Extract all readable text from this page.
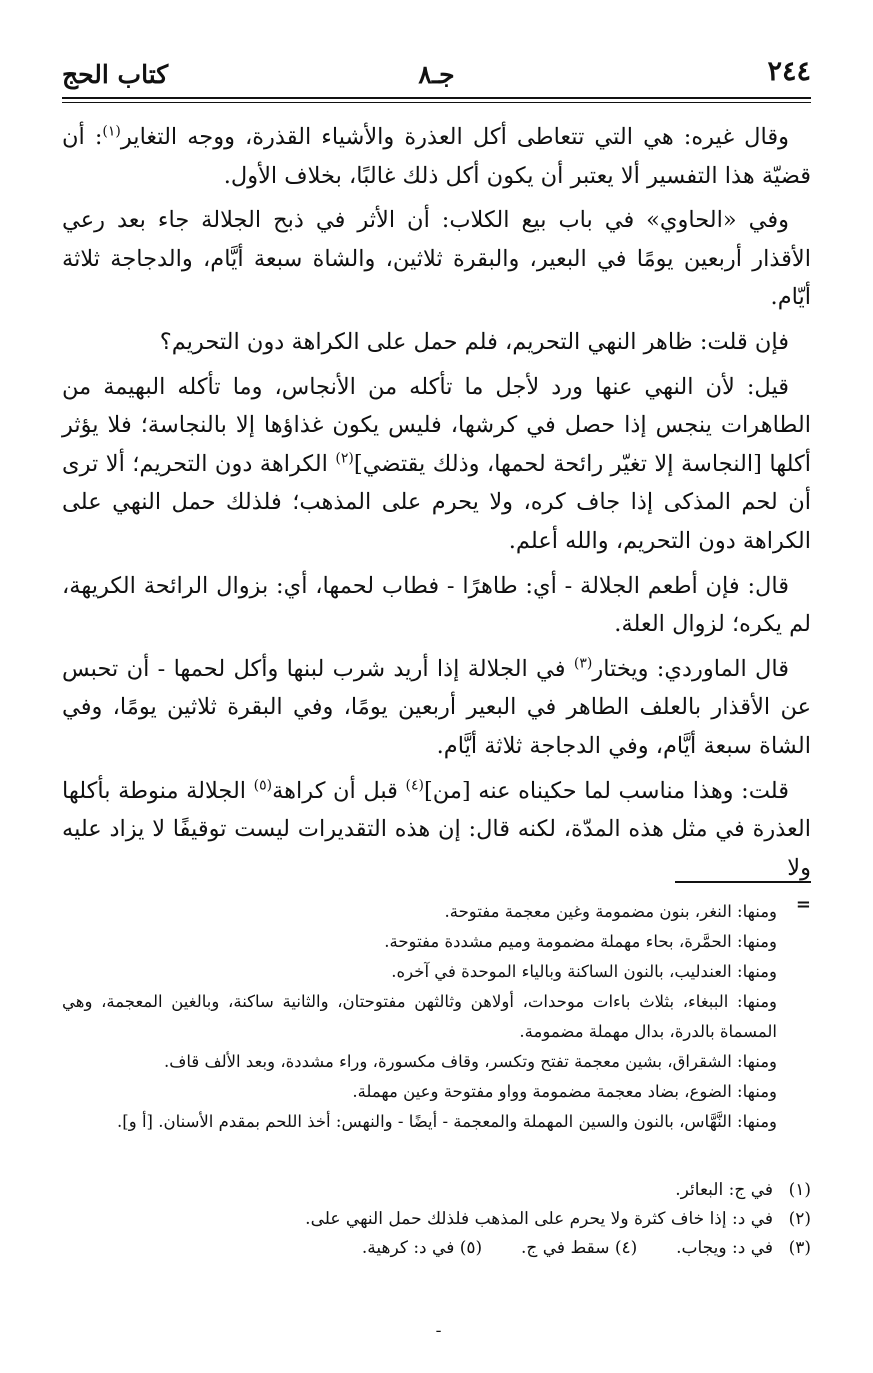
٢٤٤
جـ٨
كتاب الحج

وقال غيره: هي التي تتعاطى أكل العذرة والأشياء القذرة، ووجه التغاير$^{(١)}$: أن قضيّة هذا التفسير ألا يعتبر أن يكون أكل ذلك غالبًا، بخلاف الأول.

وفي «الحاوي» في باب بيع الكلاب: أن الأثر في ذبح الجلالة جاء بعد رعي الأقذار أربعين يومًا في البعير، والبقرة ثلاثين، والشاة سبعة أيَّام، والدجاجة ثلاثة أيّام.

فإن قلت: ظاهر النهي التحريم، فلم حمل على الكراهة دون التحريم؟

قيل: لأن النهي عنها ورد لأجل ما تأكله من الأنجاس، وما تأكله البهيمة من الطاهرات ينجس إذا حصل في كرشها، فليس يكون غذاؤها إلا بالنجاسة؛ فلا يؤثر أكلها [النجاسة إلا تغيّر رائحة لحمها، وذلك يقتضي]$^{(٢)}$ الكراهة دون التحريم؛ ألا ترى أن لحم المذكى إذا جاف كره، ولا يحرم على المذهب؛ فلذلك حمل النهي على الكراهة دون التحريم، والله أعلم.

قال: فإن أطعم الجلالة - أي: طاهرًا - فطاب لحمها، أي: بزوال الرائحة الكريهة، لم يكره؛ لزوال العلة.

قال الماوردي: ويختار$^{(٣)}$ في الجلالة إذا أريد شرب لبنها وأكل لحمها - أن تحبس عن الأقذار بالعلف الطاهر في البعير أربعين يومًا، وفي البقرة ثلاثين يومًا، وفي الشاة سبعة أيَّام، وفي الدجاجة ثلاثة أيَّام.

قلت: وهذا مناسب لما حكيناه عنه [من]$^{(٤)}$ قبل أن كراهة$^{(٥)}$ الجلالة منوطة بأكلها العذرة في مثل هذه المدّة، لكنه قال: إن هذه التقديرات ليست توقيفًا لا يزاد عليه ولا

=

ومنها: النغر، بنون مضمومة وغين معجمة مفتوحة.

ومنها: الحمَّرة، بحاء مهملة مضمومة وميم مشددة مفتوحة.

ومنها: العندليب، بالنون الساكنة وبالياء الموحدة في آخره.

ومنها: الببغاء، بثلاث باءات موحدات، أولاهن وثالثهن مفتوحتان، والثانية ساكنة، وبالغين المعجمة، وهي المسماة بالدرة، بدال مهملة مضمومة.

ومنها: الشقراق، بشين معجمة تفتح وتكسر، وقاف مكسورة، وراء مشددة، وبعد الألف قاف.

ومنها: الضوع، بضاد معجمة مضمومة وواو مفتوحة وعين مهملة.

ومنها: النَّهَّاس، بالنون والسين المهملة والمعجمة - أيضًا - والنهس: أخذ اللحم بمقدم الأسنان. [أ و].

(١)في ج: البعائر.
(٢)في د: إذا خاف كثرة ولا يحرم على المذهب فلذلك حمل النهي على.
(٣)في د: ويجاب.  (٤) سقط في ج.  (٥) في د: كرهية.
ـ
